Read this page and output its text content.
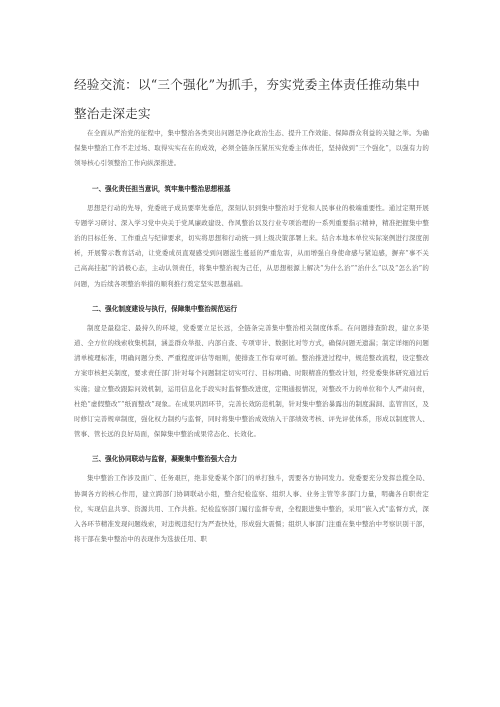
经验交流：以“三个强化”为抓手，夯实党委主体责任推动集中整治走深走实

在全面从严治党的征程中，集中整治各类突出问题是净化政治生态、提升工作效能、保障群众利益的关键之举。为确保集中整治工作不走过场、取得实实在在的成效，必须全链条压紧压实党委主体责任，坚持做到“三个强化”，以强有力的领导核心引领整治工作向纵深推进。

一、强化责任担当意识，筑牢集中整治思想根基

思想是行动的先导，党委班子成员要率先垂范，深刻认识到集中整治对于党和人民事业的极端重要性。通过定期开展专题学习研讨、深入学习党中央关于党风廉政建设、作风整治以及行业专项治理的一系列重要指示精神，精准把握集中整治的目标任务、工作重点与纪律要求，切实将思想和行动统一到上级决策部署上来。结合本地本单位实际案例进行深度剖析，开展警示教育活动，让党委成员直观感受到问题滋生蔓延的严重危害，从而增强自身使命感与紧迫感，摒弃“事不关己高高挂起”的消极心态，主动认领责任，将集中整治视为己任，从思想根源上解决“为什么治”“治什么”以及“怎么治”的问题，为后续各项整治举措的顺利推行奠定坚实思想基础。

二、强化制度建设与执行，保障集中整治规范运行

制度是最稳定、最持久的环境，党委要立足长远，全链条完善集中整治相关制度体系。在问题排查阶段，建立多渠道、全方位的线索收集机制，涵盖群众举报、内部自查、专项审计、数据比对等方式，确保问题无遗漏；制定详细的问题清单梳理标准，明确问题分类、严重程度评估等细则，使排查工作有章可循。整治推进过程中，规范整改流程，设定整改方案审核把关制度，要求责任部门针对每个问题制定切实可行、目标明确、时限精准的整改计划，经党委集体研究通过后实施；建立整改跟踪问效机制，运用信息化手段实时监督整改进度，定期通报情况，对整改不力的单位和个人严肃问责，杜绝“虚假整改”“纸面整改”现象。在成果巩固环节，完善长效防范机制，针对集中整治暴露出的制度漏洞、监管盲区，及时修订完善规章制度，强化权力制约与监督，同时将集中整治成效纳入干部绩效考核、评先评优体系，形成以制度管人、管事、管长远的良好局面，保障集中整治成果常态化、长效化。

三、强化协同联动与监督，凝聚集中整治强大合力

集中整治工作涉及面广、任务艰巨，绝非党委某个部门的单打独斗，需要各方协同发力。党委要充分发挥总揽全局、协调各方的核心作用，建立跨部门协调联动小组，整合纪检监察、组织人事、业务主管等多部门力量，明确各自职责定位，实现信息共享、资源共用、工作共推。纪检监察部门履行监督专责，全程跟进集中整治，采用“嵌入式”监督方式，深入各环节精准发现问题线索，对违规违纪行为严查快处，形成强大震慑；组织人事部门注重在集中整治中考察识别干部，将干部在集中整治中的表现作为选拔任用、职
